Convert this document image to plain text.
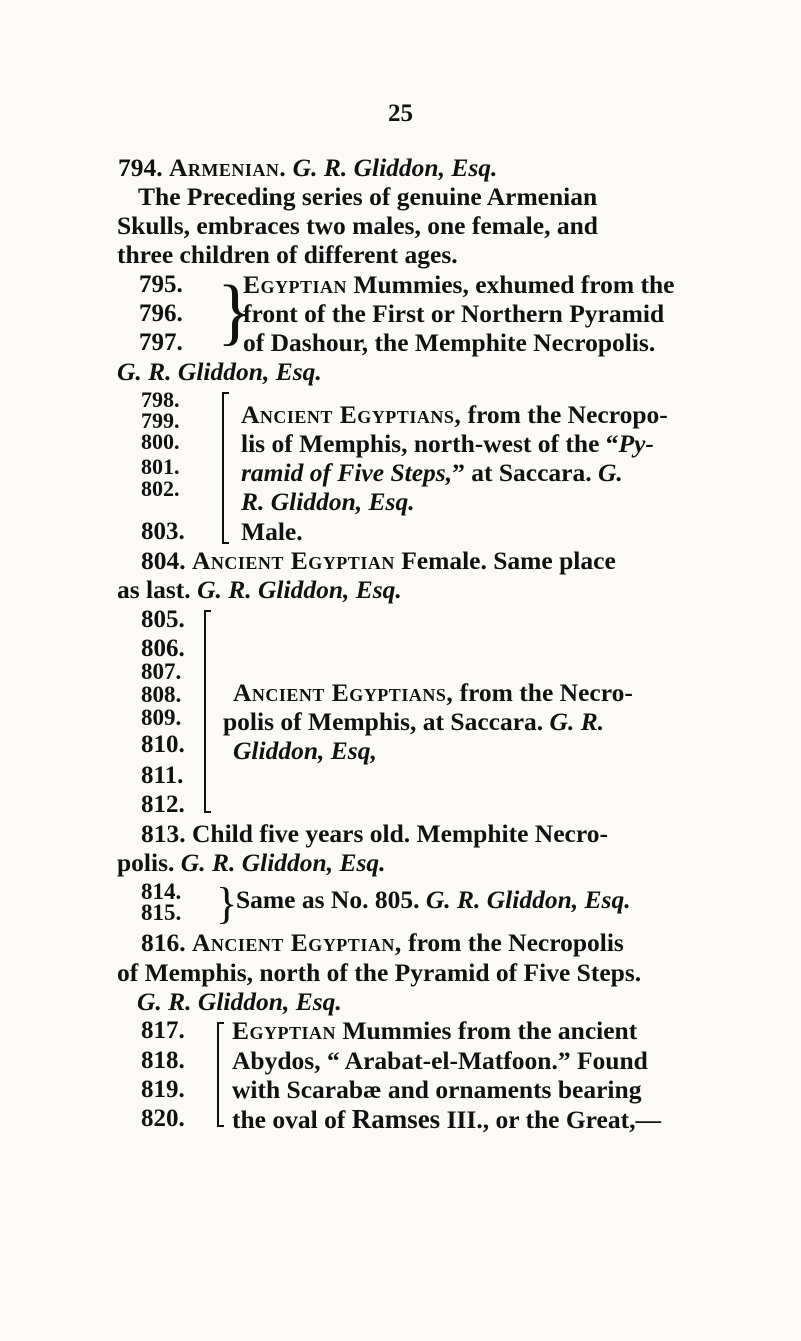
25
794. Armenian. G. R. Gliddon, Esq.
The Preceding series of genuine Armenian
Skulls, embraces two males, one female, and
three children of different ages.
795.
796.
797. }
Egyptian Mummies, exhumed from the
front of the First or Northern Pyramid
of Dashour, the Memphite Necropolis.
G. R. Gliddon, Esq.
798.
799.
800.
801.
802.
803.
Ancient Egyptians, from the Necropo-
lis of Memphis, north-west of the “Py-
ramid of Five Steps,” at Saccara. G.
R. Gliddon, Esq.
Male.
804. Ancient Egyptian Female. Same place
as last. G. R. Gliddon, Esq.
805.
806.
807.
808.
809.
810.
811.
812.
Ancient Egyptians, from the Necro-
polis of Memphis, at Saccara. G. R.
Gliddon, Esq,
813. Child five years old. Memphite Necro-
polis. G. R. Gliddon, Esq.
814.
815. }
Same as No. 805. G. R. Gliddon, Esq.
816. Ancient Egyptian, from the Necropolis
of Memphis, north of the Pyramid of Five Steps.
G. R. Gliddon, Esq.
817.
818.
819.
820.
Egyptian Mummies from the ancient
Abydos, “ Arabat-el-Matfoon.” Found
with Scarabæ and ornaments bearing
the oval of Ramses III., or the Great,—
